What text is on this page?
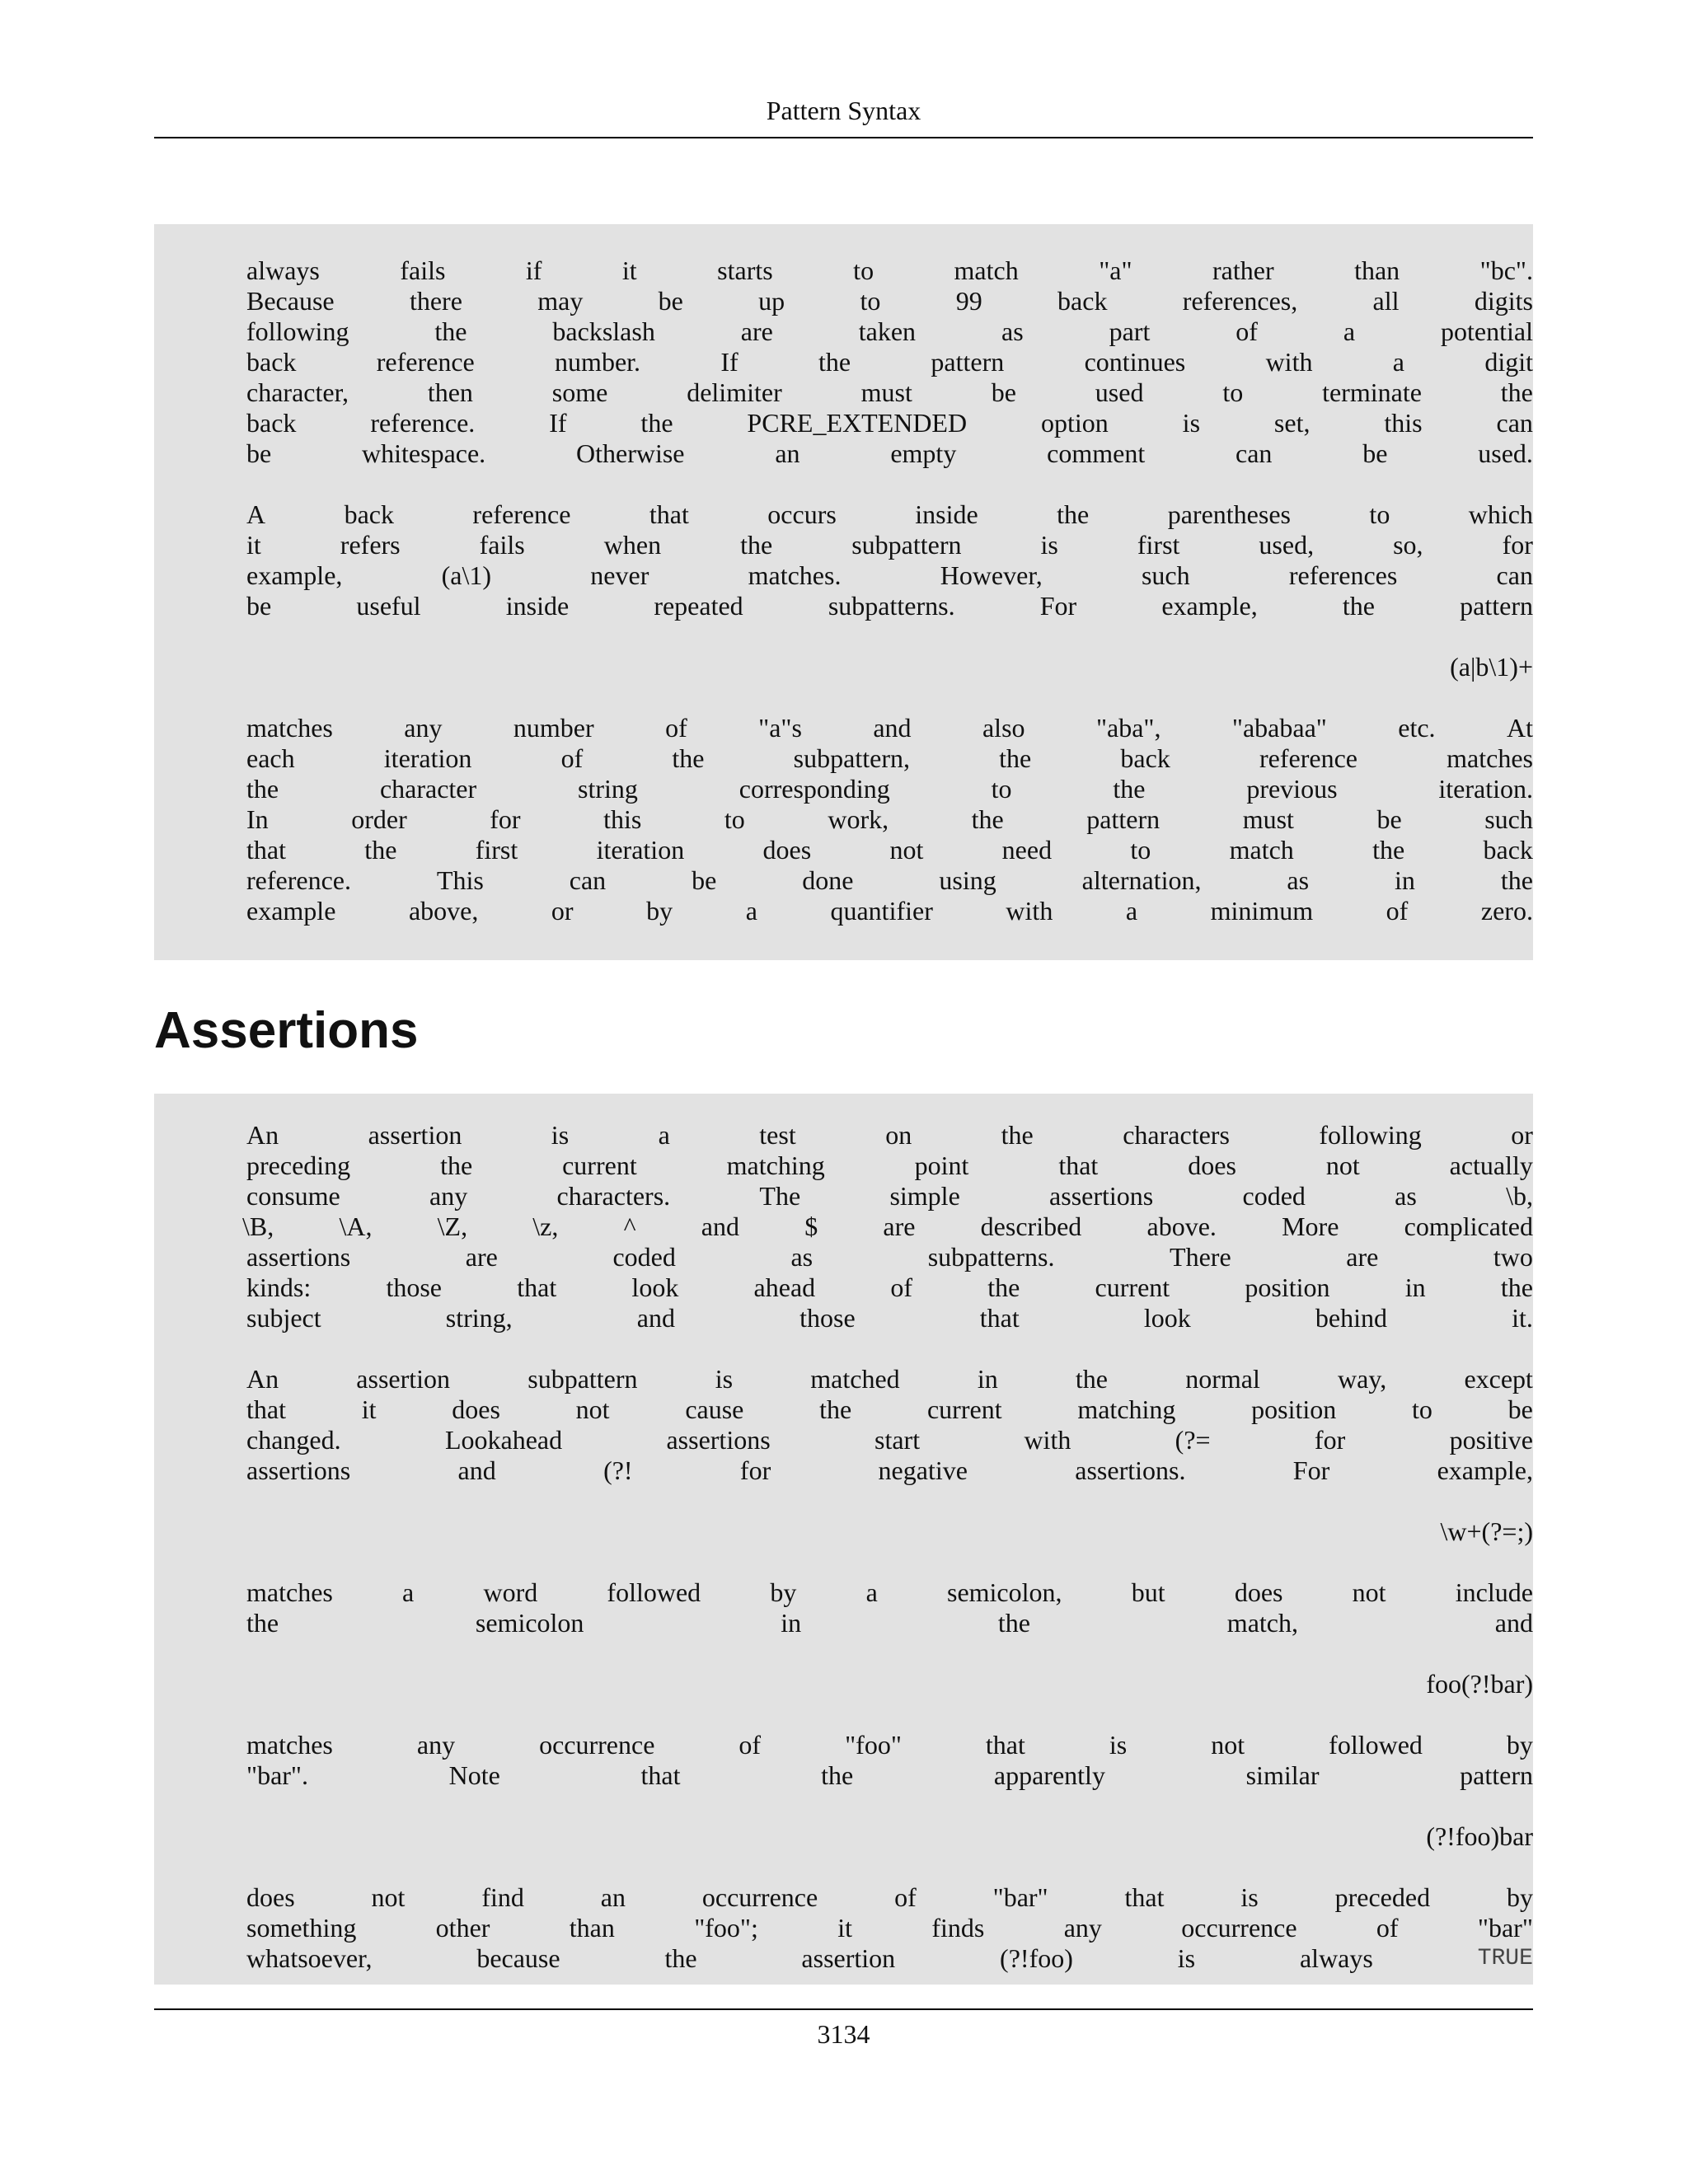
Pattern Syntax
always	fails	if	it	starts	to	match	"a"	rather	than	"bc".
Because	there	may	be	up	to	99	back	references,	all	digits
following	the	backslash	are	taken	as	part	of	a	potential
back	reference	number.	If	the	pattern	continues	with	a	digit
character,	then	some	delimiter	must	be	used	to	terminate	the
back	reference.	If	the	PCRE_EXTENDED	option	is	set,	this	can
be	whitespace.	Otherwise	an	empty	comment	can	be	used.
A	back	reference	that	occurs	inside	the	parentheses	to	which
it	refers	fails	when	the	subpattern	is	first	used,	so,	for
example,	(a\1)	never	matches.	However,	such	references	can
be	useful	inside	repeated	subpatterns.	For	example,	the	pattern
(a|b\1)+
matches	any	number	of	"a"s	and	also	"aba",	"ababaa"	etc.	At
each	iteration	of	the	subpattern,	the	back	reference	matches
the	character	string	corresponding	to	the	previous	iteration.
In	order	for	this	to	work,	the	pattern	must	be	such
that	the	first	iteration	does	not	need	to	match	the	back
reference.	This	can	be	done	using	alternation,	as	in	the
example	above,	or	by	a	quantifier	with	a	minimum	of	zero.
Assertions
An	assertion	is	a	test	on	the	characters	following	or
preceding	the	current	matching	point	that	does	not	actually
consume	any	characters.	The	simple	assertions	coded	as	\b,
\B, \A, \Z, \z, ^ and $ are described above. More complicated
assertions	are	coded	as	subpatterns.	There	are	two
kinds:	those	that	look	ahead	of	the	current	position	in	the
subject	string,	and	those	that	look	behind	it.
An	assertion	subpattern	is	matched	in	the	normal	way,	except
that	it	does	not	cause	the	current	matching	position	to	be
changed.	Lookahead	assertions	start	with	(?=	for	positive
assertions	and	(?!	for	negative	assertions.	For	example,
\w+(?=;)
matches	a	word	followed	by	a	semicolon,	but	does	not	include
the	semicolon	in	the	match,	and
foo(?!bar)
matches	any	occurrence	of	"foo"	that	is	not	followed	by
"bar".	Note	that	the	apparently	similar	pattern
(?!foo)bar
does	not	find	an	occurrence	of	"bar"	that	is	preceded	by
something	other	than	"foo";	it	finds	any	occurrence	of	"bar"
whatsoever,	because	the	assertion	(?!foo)	is	always	TRUE
3134
